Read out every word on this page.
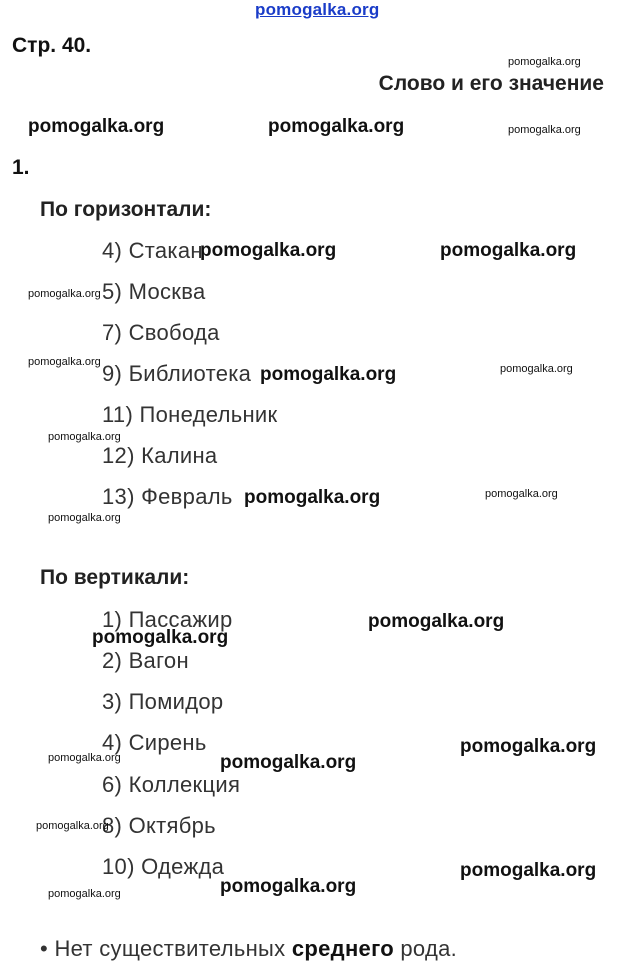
pomogalka.org
Стр. 40.
Слово и его значение
1.
По горизонтали:
4) Стакан
5) Москва
7) Свобода
9) Библиотека
11) Понедельник
12) Калина
13) Февраль
По вертикали:
1) Пассажир
2) Вагон
3) Помидор
4) Сирень
6) Коллекция
8) Октябрь
10) Одежда
• Нет существительных среднего рода.
pomogalka.org
pomogalka.org	pomogalka.org	pomogalka.org
pomogalka.org	pomogalka.org
pomogalka.org
pomogalka.org
pomogalka.org	pomogalka.org
pomogalka.org
pomogalka.org	pomogalka.org
pomogalka.org
pomogalka.org
pomogalka.org
pomogalka.org
pomogalka.org	pomogalka.org
pomogalka.org
pomogalka.org
pomogalka.org
pomogalka.org
